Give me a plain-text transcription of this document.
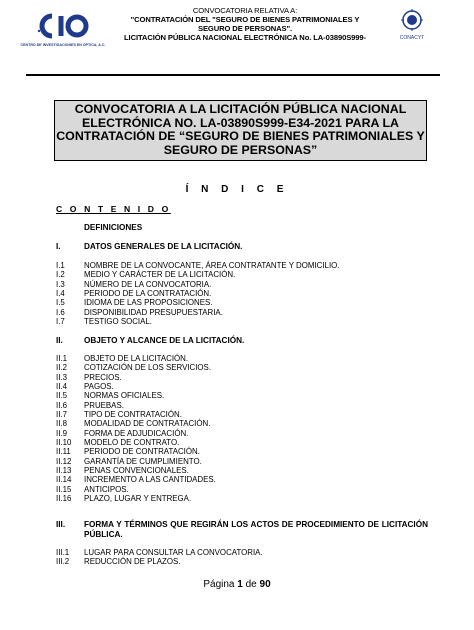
CENTRO DE INVESTIGACIONES EN ÓPTICA, A.C.
CONVOCATORIA RELATIVA A:
"CONTRATACIÓN DEL "SEGURO DE BIENES PATRIMONIALES Y
SEGURO DE PERSONAS".
LICITACIÓN PÚBLICA NACIONAL ELECTRÓNICA No. LA-03890S999-	CONACYT
CONVOCATORIA A LA LICITACIÓN PÚBLICA NACIONAL
ELECTRÓNICA NO. LA-03890S999-E34-2021 PARA LA
CONTRATACIÓN DE “SEGURO DE BIENES PATRIMONIALES Y
SEGURO DE PERSONAS”
Í N D I C E
C O N T E N I D O
DEFINICIONES
I.	DATOS GENERALES DE LA LICITACIÓN.
I.1 NOMBRE DE LA CONVOCANTE, ÁREA CONTRATANTE Y DOMICILIO.
I.2 MEDIO Y CARÁCTER DE LA LICITACIÓN.
I.3 NÚMERO DE LA CONVOCATORIA.
I.4 PERIODO DE LA CONTRATACIÓN.
I.5 IDIOMA DE LAS PROPOSICIONES.
I.6 DISPONIBILIDAD PRESUPUESTARIA.
I.7 TESTIGO SOCIAL.
II.	OBJETO Y ALCANCE DE LA LICITACIÓN.
II.1 OBJETO DE LA LICITACIÓN.
II.2 COTIZACIÓN DE LOS SERVICIOS.
II.3 PRECIOS.
II.4 PAGOS.
II.5 NORMAS OFICIALES.
II.6 PRUEBAS.
II.7 TIPO DE CONTRATACIÓN.
II.8 MODALIDAD DE CONTRATACIÓN.
II.9 FORMA DE ADJUDICACIÓN.
II.10 MODELO DE CONTRATO.
II.11 PERIODO DE CONTRATACIÓN.
II.12 GARANTÍA DE CUMPLIMIENTO.
II.13 PENAS CONVENCIONALES.
II.14 INCREMENTO A LAS CANTIDADES.
II.15 ANTICIPOS.
II.16 PLAZO, LUGAR Y ENTREGA.
III. FORMA Y TÉRMINOS QUE REGIRÁN LOS ACTOS DE PROCEDIMIENTO DE LICITACIÓN PÚBLICA.
III.1 LUGAR PARA CONSULTAR LA CONVOCATORIA.
III.2 REDUCCIÓN DE PLAZOS.
Página 1 de 90
